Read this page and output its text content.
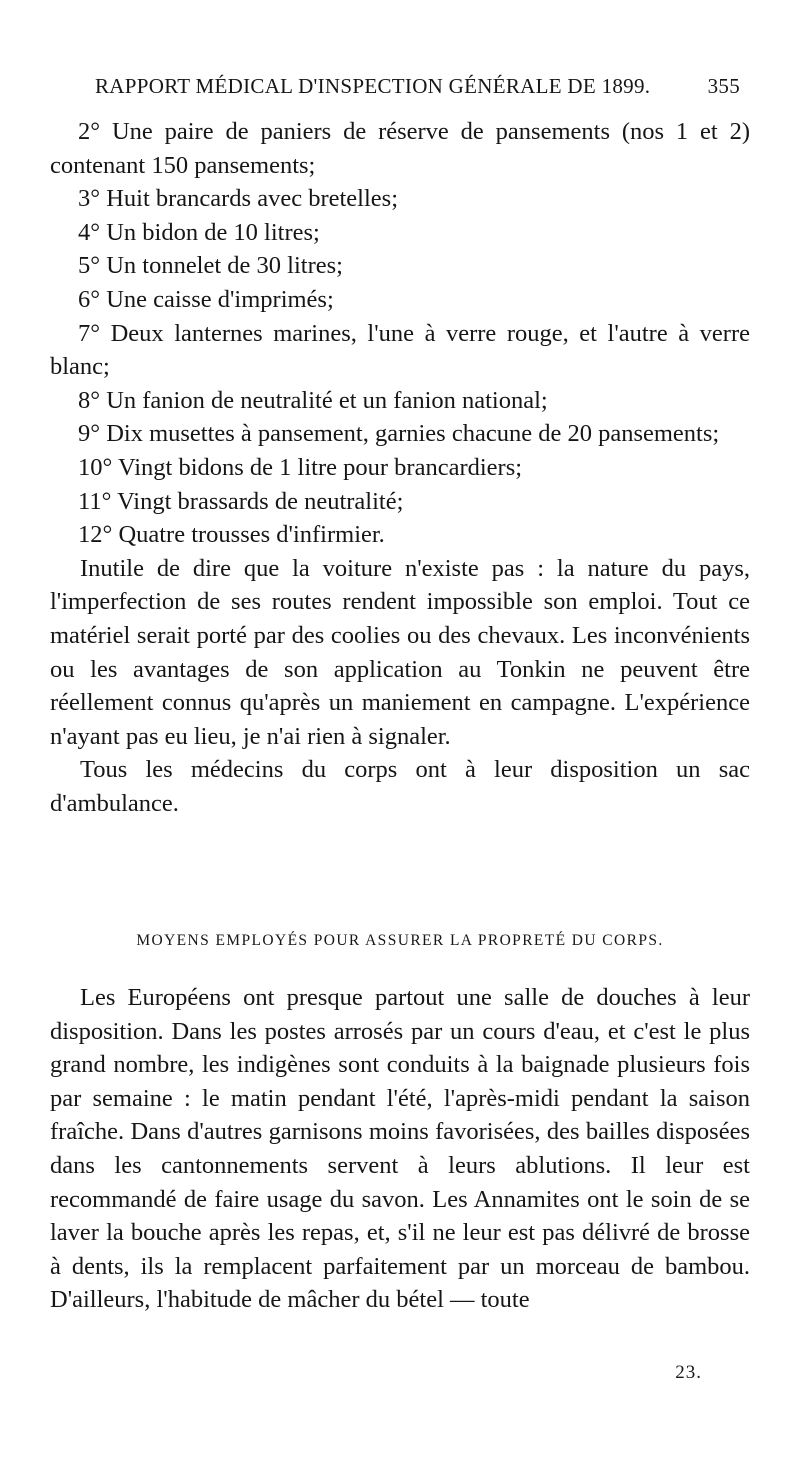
RAPPORT MÉDICAL D'INSPECTION GÉNÉRALE DE 1899.	355

2° Une paire de paniers de réserve de pansements (nos 1 et 2) contenant 150 pansements;

3° Huit brancards avec bretelles;

4° Un bidon de 10 litres;

5° Un tonnelet de 30 litres;

6° Une caisse d'imprimés;

7° Deux lanternes marines, l'une à verre rouge, et l'autre à verre blanc;

8° Un fanion de neutralité et un fanion national;

9° Dix musettes à pansement, garnies chacune de 20 pansements;

10° Vingt bidons de 1 litre pour brancardiers;

11° Vingt brassards de neutralité;

12° Quatre trousses d'infirmier.

Inutile de dire que la voiture n'existe pas : la nature du pays, l'imperfection de ses routes rendent impossible son emploi. Tout ce matériel serait porté par des coolies ou des chevaux. Les inconvénients ou les avantages de son application au Tonkin ne peuvent être réellement connus qu'après un maniement en campagne. L'expérience n'ayant pas eu lieu, je n'ai rien à signaler.

Tous les médecins du corps ont à leur disposition un sac d'ambulance.

MOYENS EMPLOYÉS POUR ASSURER LA PROPRETÉ DU CORPS.

Les Européens ont presque partout une salle de douches à leur disposition. Dans les postes arrosés par un cours d'eau, et c'est le plus grand nombre, les indigènes sont conduits à la baignade plusieurs fois par semaine : le matin pendant l'été, l'après-midi pendant la saison fraîche. Dans d'autres garnisons moins favorisées, des bailles disposées dans les cantonnements servent à leurs ablutions. Il leur est recommandé de faire usage du savon. Les Annamites ont le soin de se laver la bouche après les repas, et, s'il ne leur est pas délivré de brosse à dents, ils la remplacent parfaitement par un morceau de bambou. D'ailleurs, l'habitude de mâcher du bétel — toute

23.
